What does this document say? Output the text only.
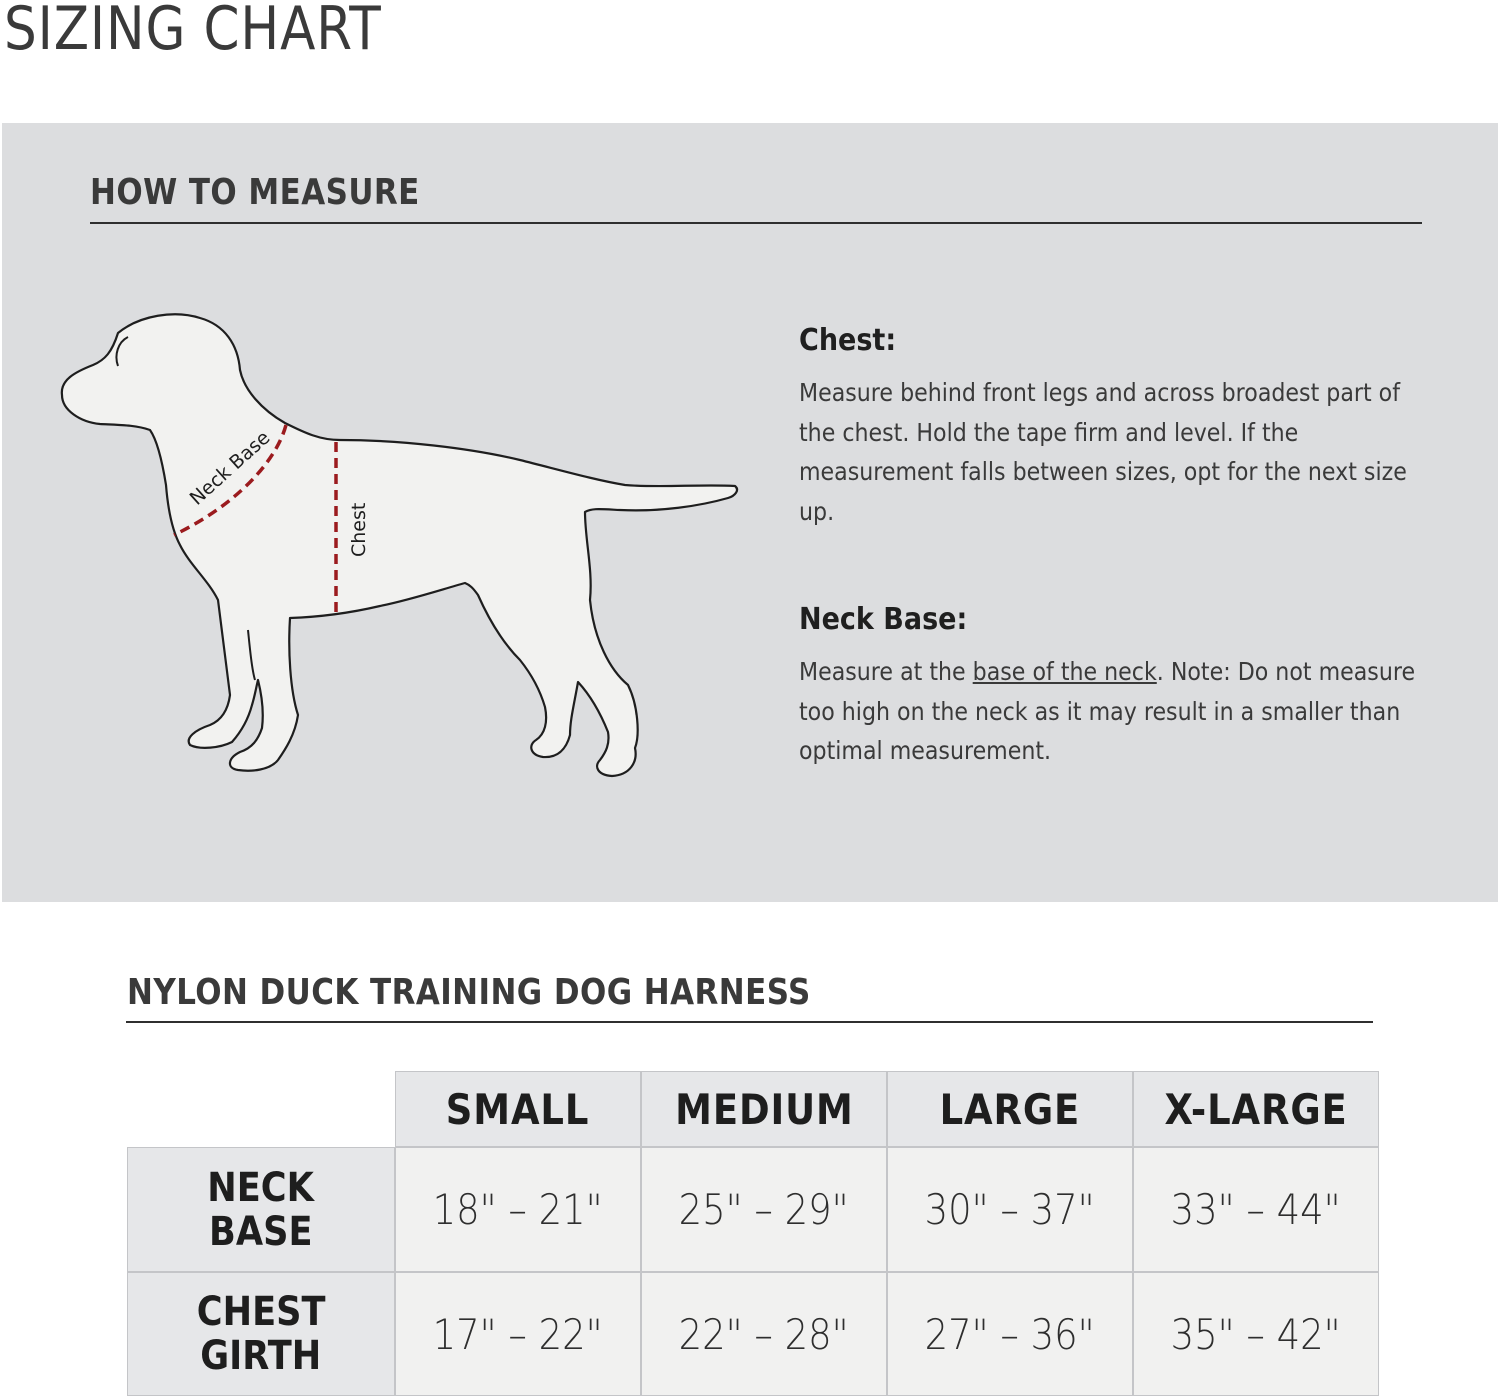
SIZING CHART
HOW TO MEASURE
Neck Base
Chest
Chest:
Measure behind front legs and across broadest part of the chest. Hold the tape firm and level. If the measurement falls between sizes, opt for the next size up.
Neck Base:
Measure at the base of the neck. Note: Do not measure too high on the neck as it may result in a smaller than optimal measurement.
NYLON DUCK TRAINING DOG HARNESS
	SMALL	MEDIUM	LARGE	X-LARGE
NECK
BASE	18" – 21"	25" – 29"	30" – 37"	33" – 44"
CHEST
GIRTH	17" – 22"	22" – 28"	27" – 36"	35" – 42"
